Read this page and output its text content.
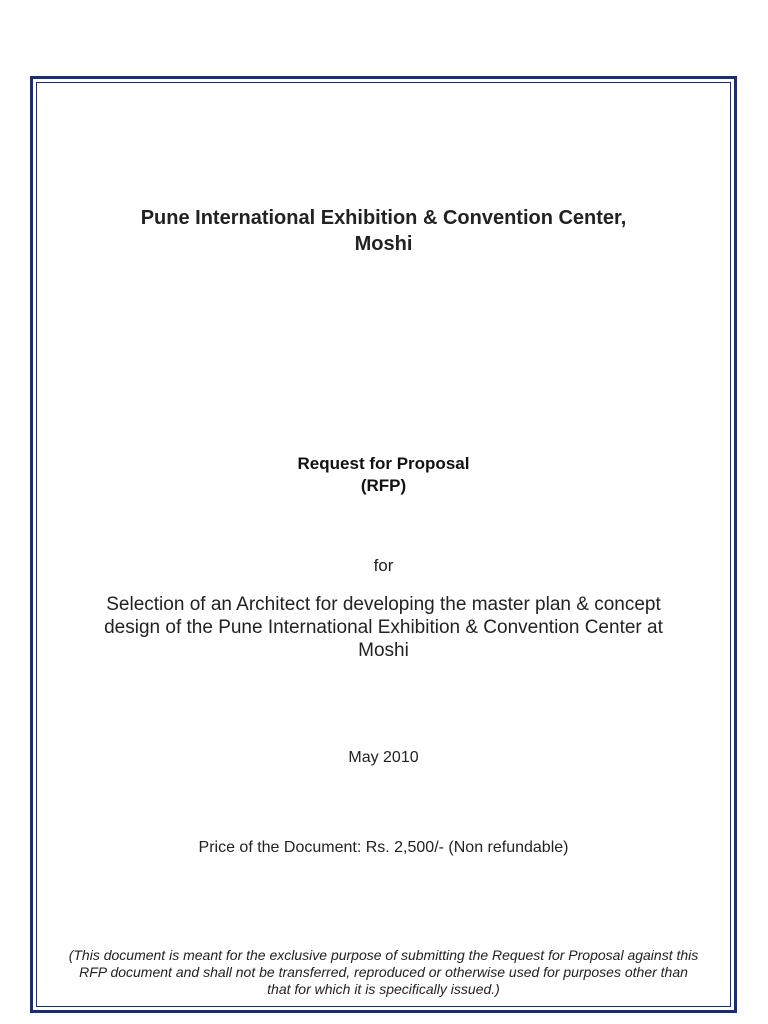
Pune International Exhibition & Convention Center,
Moshi
Request for Proposal
(RFP)
for
Selection of an Architect for developing the master plan & concept
design of the Pune International Exhibition & Convention Center at
Moshi
May 2010
Price of the Document: Rs. 2,500/- (Non refundable)
(This document is meant for the exclusive purpose of submitting the Request for Proposal against this
RFP document and shall not be transferred, reproduced or otherwise used for purposes other than
that for which it is specifically issued.)
